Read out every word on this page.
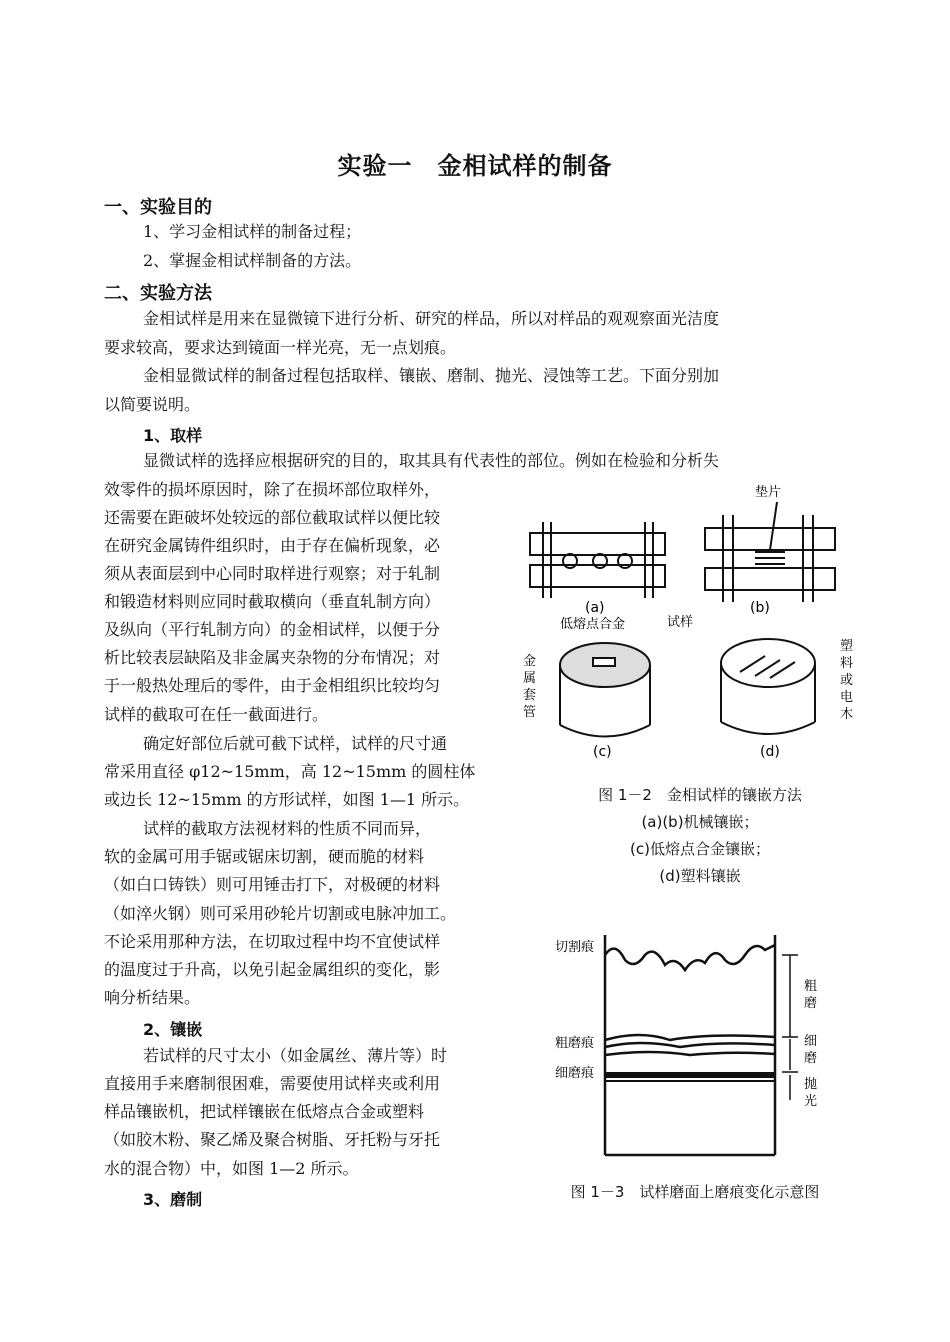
实验一　金相试样的制备
一、实验目的
1、学习金相试样的制备过程；
2、掌握金相试样制备的方法。
二、实验方法
金相试样是用来在显微镜下进行分析、研究的样品，所以对样品的观观察面光洁度
要求较高，要求达到镜面一样光亮，无一点划痕。
金相显微试样的制备过程包括取样、镶嵌、磨制、抛光、浸蚀等工艺。下面分别加
以简要说明。
1、取样
显微试样的选择应根据研究的目的，取其具有代表性的部位。例如在检验和分析失
效零件的损坏原因时，除了在损坏部位取样外，
还需要在距破坏处较远的部位截取试样以便比较
在研究金属铸件组织时，由于存在偏析现象，必
须从表面层到中心同时取样进行观察；对于轧制
和锻造材料则应同时截取横向（垂直轧制方向）
及纵向（平行轧制方向）的金相试样，以便于分
析比较表层缺陷及非金属夹杂物的分布情况；对
于一般热处理后的零件，由于金相组织比较均匀
试样的截取可在任一截面进行。
确定好部位后就可截下试样，试样的尺寸通
常采用直径 φ12~15mm，高 12~15mm 的圆柱体
或边长 12~15mm 的方形试样，如图 1—1 所示。
试样的截取方法视材料的性质不同而异，
软的金属可用手锯或锯床切割，硬而脆的材料
（如白口铸铁）则可用锤击打下，对极硬的材料
（如淬火钢）则可采用砂轮片切割或电脉冲加工。
不论采用那种方法，在切取过程中均不宜使试样
的温度过于升高，以免引起金属组织的变化，影
响分析结果。
2、镶嵌
若试样的尺寸太小（如金属丝、薄片等）时
直接用手来磨制很困难，需要使用试样夹或利用
样品镶嵌机，把试样镶嵌在低熔点合金或塑料
（如胶木粉、聚乙烯及聚合树脂、牙托粉与牙托
水的混合物）中，如图 1—2 所示。
3、磨制
(a)
垫片
(b)
低熔点合金	试样
金属套管
(c)
塑料或电木
(d)
图 1－2　金相试样的镶嵌方法
(a)(b)机械镶嵌；
(c)低熔点合金镶嵌；
(d)塑料镶嵌
切割痕
粗磨痕
细磨痕
粗磨
细磨
抛光
图 1－3　试样磨面上磨痕变化示意图
